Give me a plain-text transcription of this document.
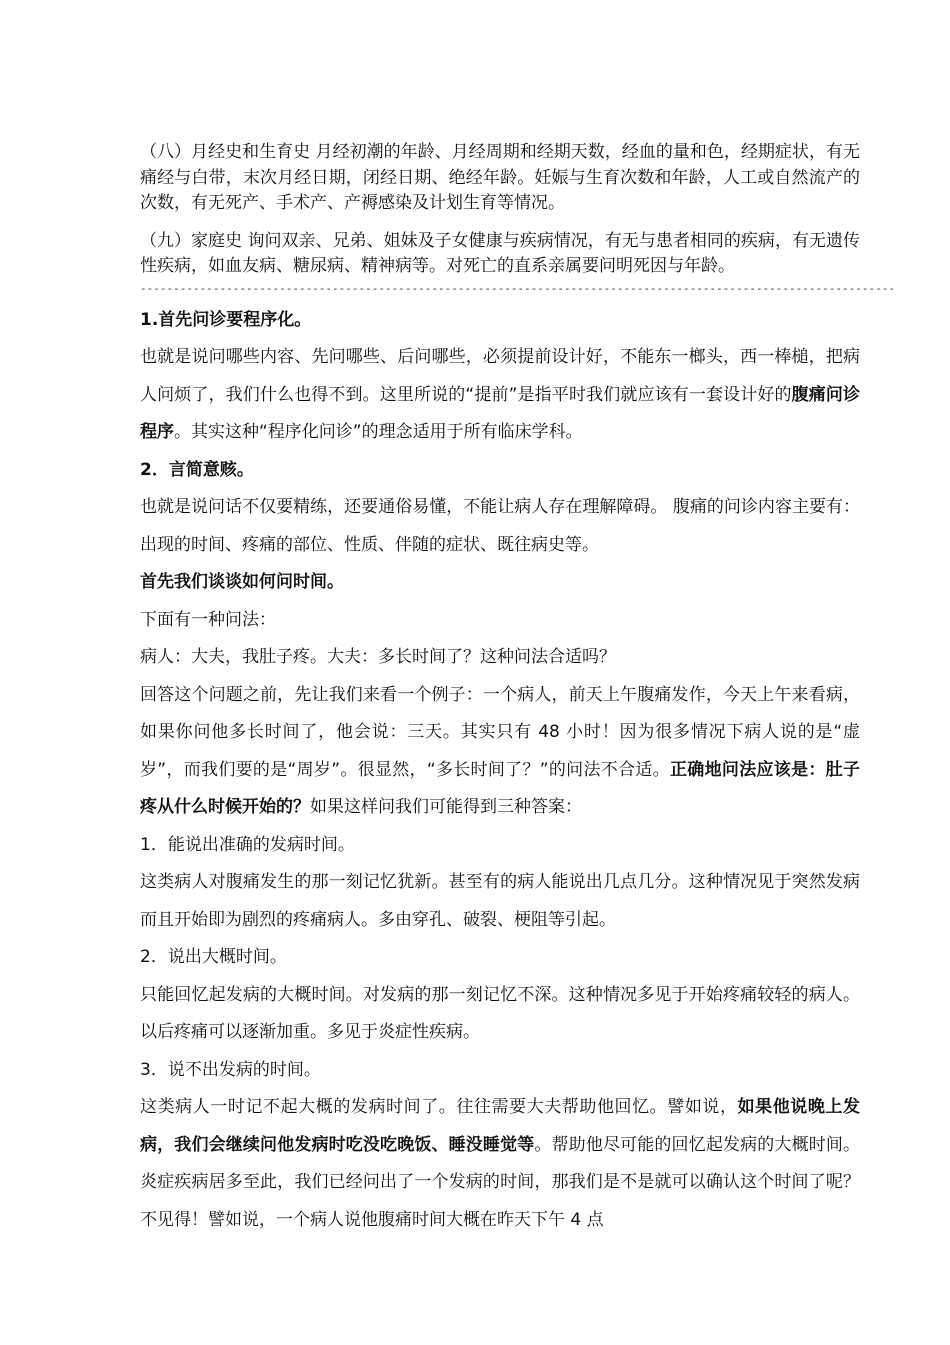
（八）月经史和生育史 月经初潮的年龄、月经周期和经期天数，经血的量和色，经期症状，有无痛经与白带，末次月经日期，闭经日期、绝经年龄。妊娠与生育次数和年龄，人工或自然流产的次数，有无死产、手术产、产褥感染及计划生育等情况。

（九）家庭史 询问双亲、兄弟、姐妹及子女健康与疾病情况，有无与患者相同的疾病，有无遗传性疾病，如血友病、糖尿病、精神病等。对死亡的直系亲属要问明死因与年龄。

------------------------------------------------------------------------------------------------------------------

1.首先问诊要程序化。

也就是说问哪些内容、先问哪些、后问哪些，必须提前设计好，不能东一榔头，西一棒槌，把病人问烦了，我们什么也得不到。这里所说的“提前”是指平时我们就应该有一套设计好的腹痛问诊程序。其实这种“程序化问诊”的理念适用于所有临床学科。

2．言简意赅。

也就是说问话不仅要精练，还要通俗易懂，不能让病人存在理解障碍。 腹痛的问诊内容主要有：出现的时间、疼痛的部位、性质、伴随的症状、既往病史等。

首先我们谈谈如何问时间。

下面有一种问法：

病人：大夫，我肚子疼。大夫：多长时间了？这种问法合适吗？

回答这个问题之前，先让我们来看一个例子：一个病人，前天上午腹痛发作，今天上午来看病，如果你问他多长时间了，他会说：三天。其实只有 48 小时！因为很多情况下病人说的是“虚岁”，而我们要的是“周岁”。很显然，“多长时间了？”的问法不合适。正确地问法应该是：肚子疼从什么时候开始的？如果这样问我们可能得到三种答案：

1．能说出准确的发病时间。

这类病人对腹痛发生的那一刻记忆犹新。甚至有的病人能说出几点几分。这种情况见于突然发病而且开始即为剧烈的疼痛病人。多由穿孔、破裂、梗阻等引起。

2．说出大概时间。

只能回忆起发病的大概时间。对发病的那一刻记忆不深。这种情况多见于开始疼痛较轻的病人。以后疼痛可以逐渐加重。多见于炎症性疾病。

3．说不出发病的时间。

这类病人一时记不起大概的发病时间了。往往需要大夫帮助他回忆。譬如说，如果他说晚上发病，我们会继续问他发病时吃没吃晚饭、睡没睡觉等。帮助他尽可能的回忆起发病的大概时间。炎症疾病居多至此，我们已经问出了一个发病的时间，那我们是不是就可以确认这个时间了呢？不见得！譬如说，一个病人说他腹痛时间大概在昨天下午 4 点
